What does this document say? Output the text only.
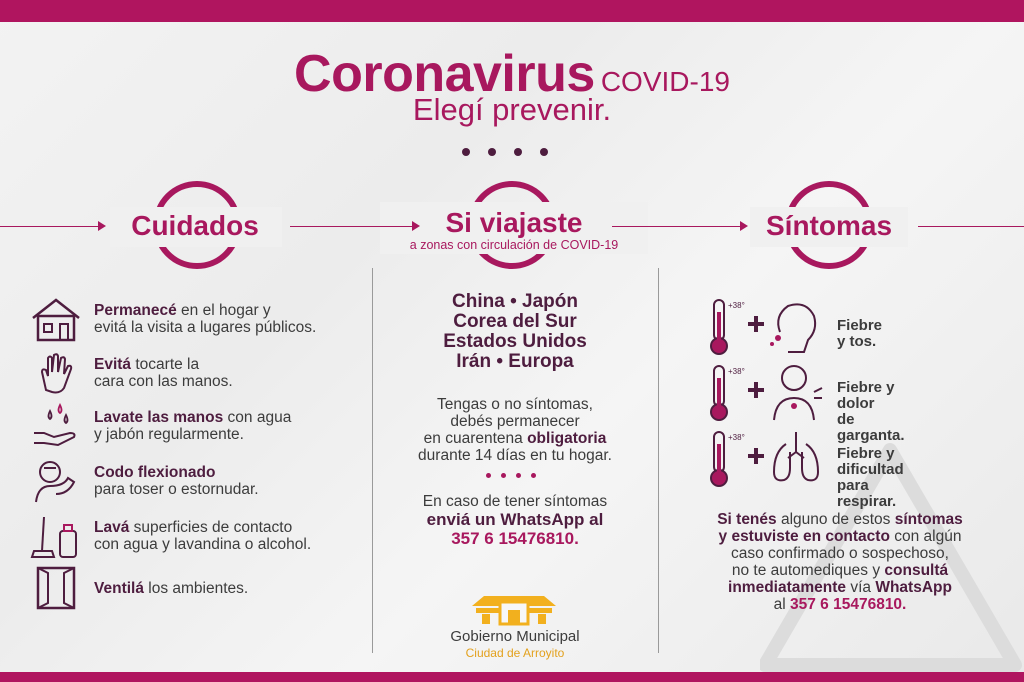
Coronavirus COVID-19
Elegí prevenir.
Cuidados	Si viajaste
a zonas con circulación de COVID-19
Síntomas
Permanecé en el hogar y
evitá la visita a lugares públicos.
Evitá tocarte la
cara con las manos.
Lavate las manos con agua
y jabón regularmente.
Codo flexionado
para toser o estornudar.
Lavá superficies de contacto
con agua y lavandina o alcohol.
Ventilá los ambientes.
China • Japón
Corea del Sur
Estados Unidos
Irán • Europa
Tengas o no síntomas,
debés permanecer
en cuarentena obligatoria
durante 14 días en tu hogar.
En caso de tener síntomas
enviá un WhatsApp al
357 6 15476810.
Gobierno Municipal
Ciudad de Arroyito
+38°
Fiebre y tos.
+38°
Fiebre y dolor
de garganta.
+38°
Fiebre y dificultad
para respirar.
Si tenés alguno de estos síntomas
y estuviste en contacto con algún
caso confirmado o sospechoso,
no te automediques y consultá
inmediatamente vía WhatsApp
al 357 6 15476810.
